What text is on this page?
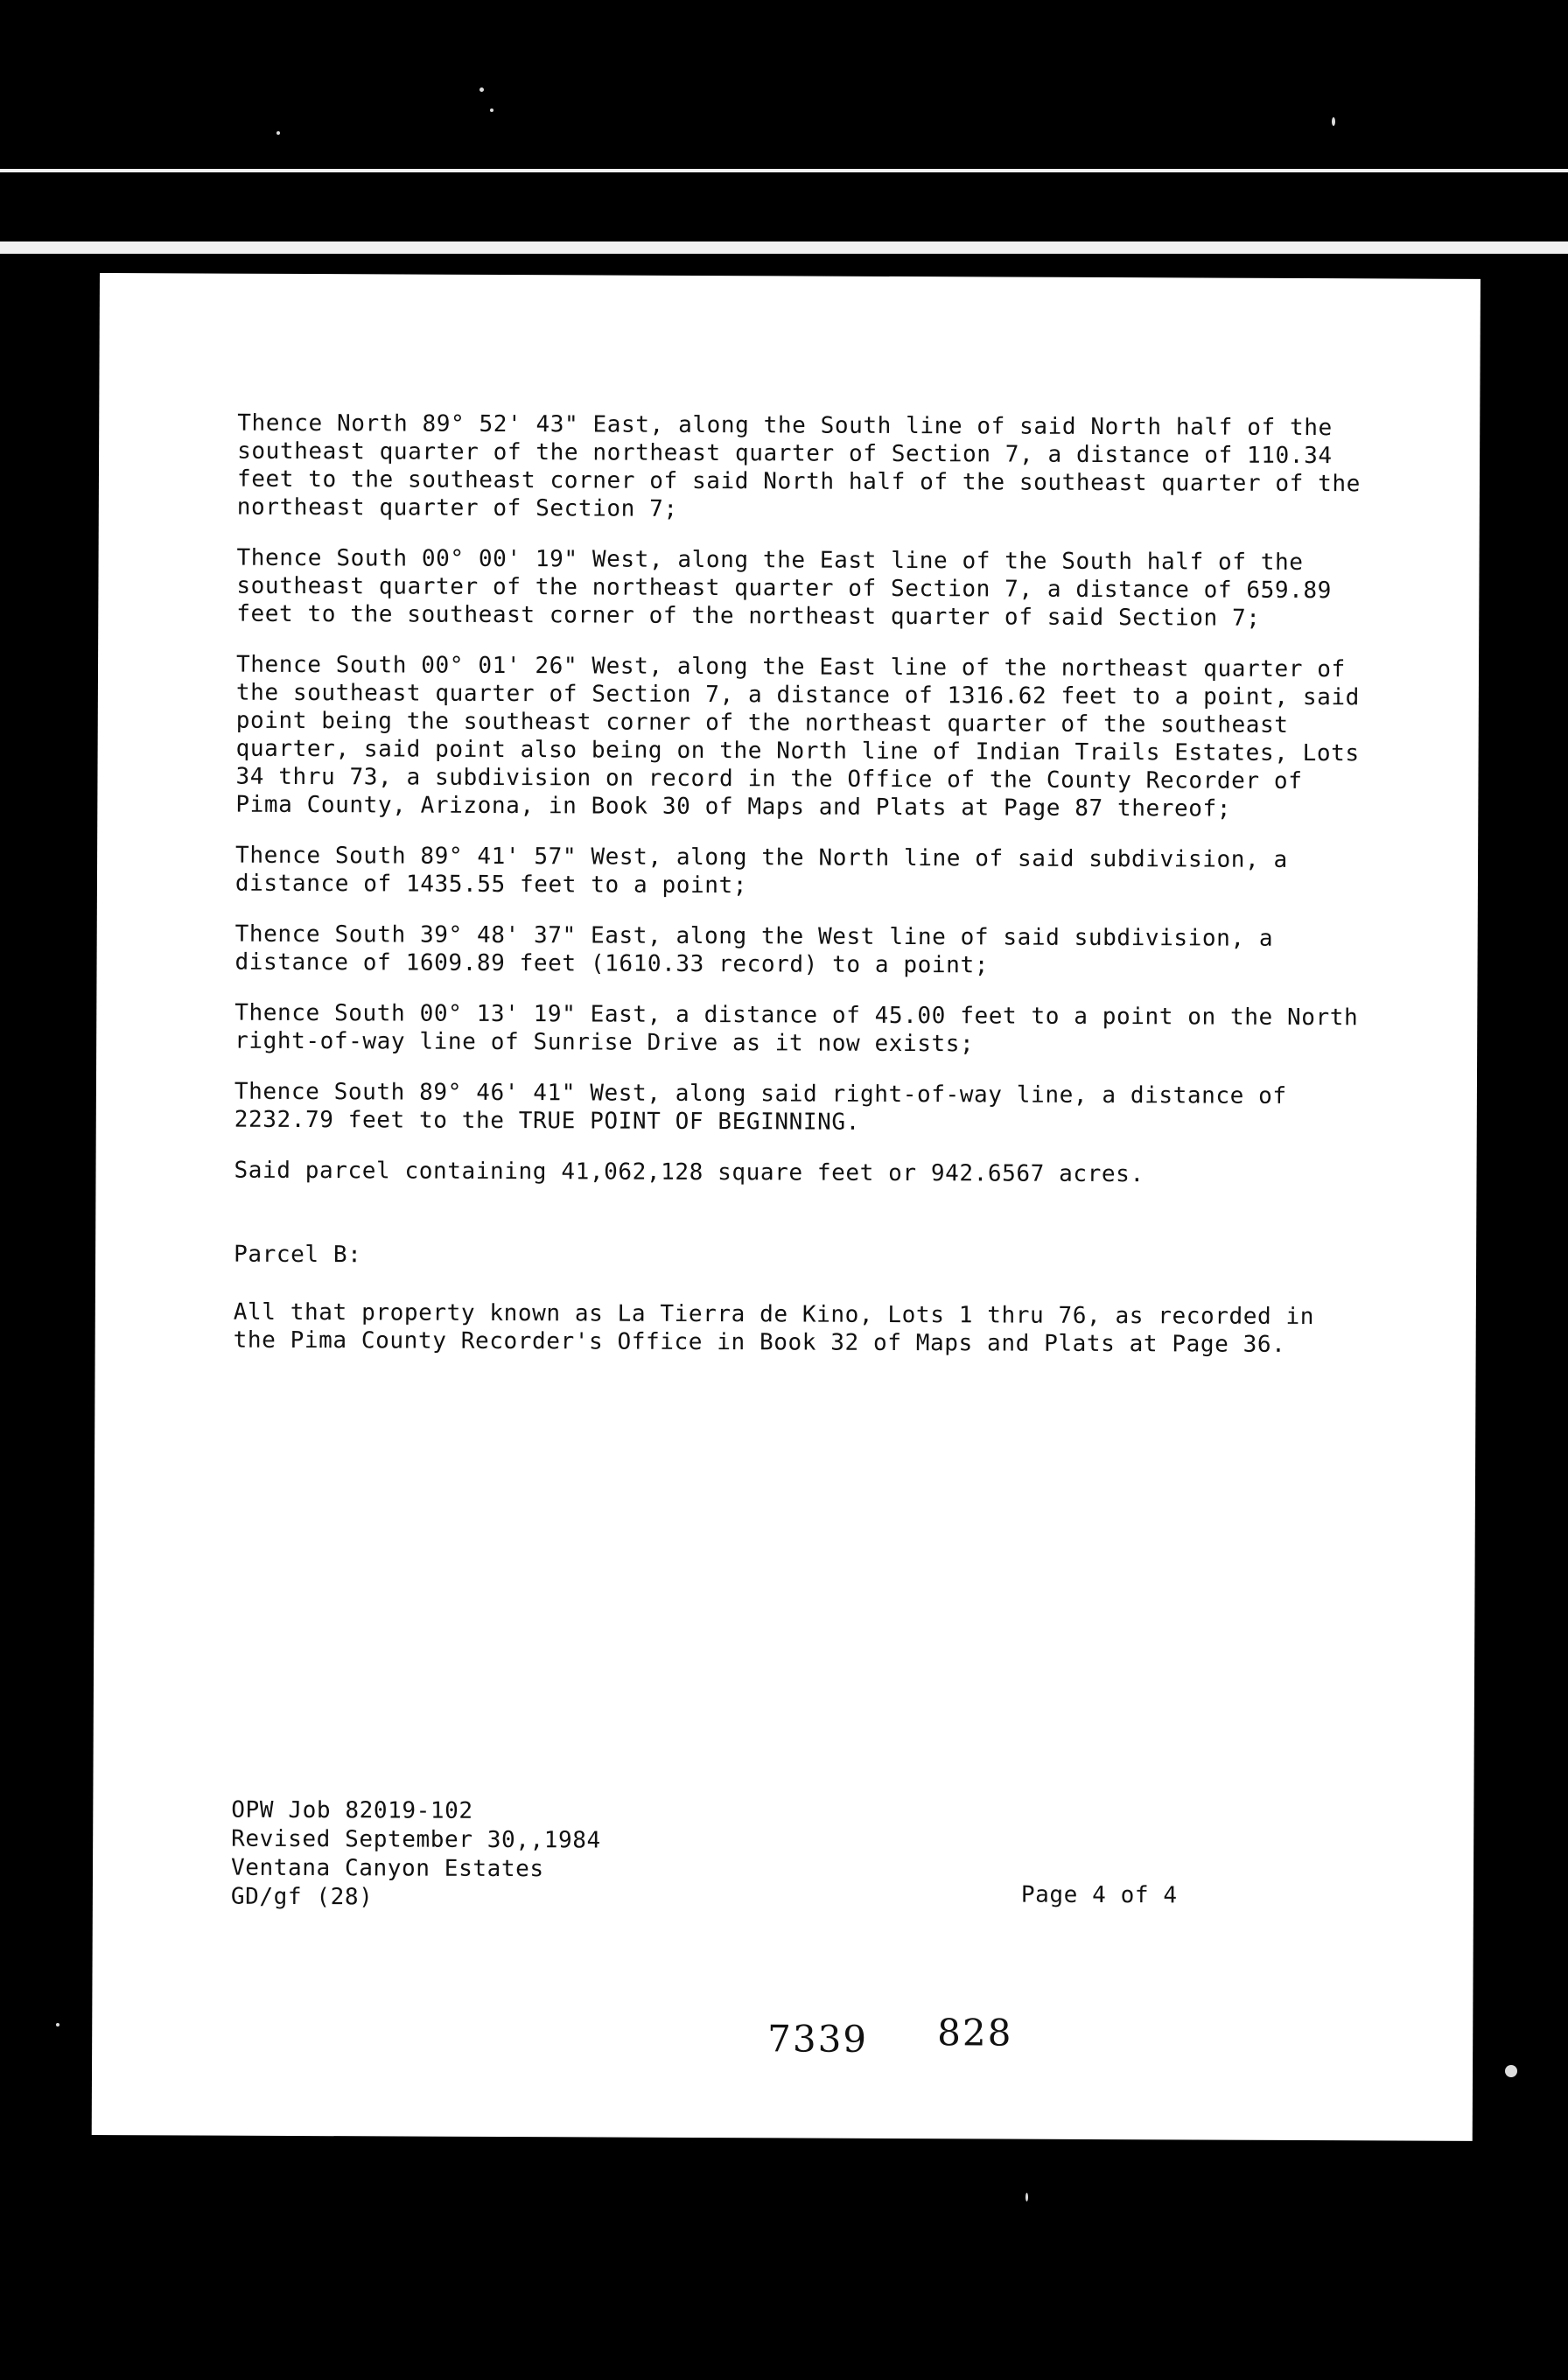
Thence North 89° 52' 43" East, along the South line of said North half of the
southeast quarter of the northeast quarter of Section 7, a distance of 110.34
feet to the southeast corner of said North half of the southeast quarter of the
northeast quarter of Section 7;

Thence South 00° 00' 19" West, along the East line of the South half of the
southeast quarter of the northeast quarter of Section 7, a distance of 659.89
feet to the southeast corner of the northeast quarter of said Section 7;

Thence South 00° 01' 26" West, along the East line of the northeast quarter of
the southeast quarter of Section 7, a distance of 1316.62 feet to a point, said
point being the southeast corner of the northeast quarter of the southeast
quarter, said point also being on the North line of Indian Trails Estates, Lots
34 thru 73, a subdivision on record in the Office of the County Recorder of
Pima County, Arizona, in Book 30 of Maps and Plats at Page 87 thereof;

Thence South 89° 41' 57" West, along the North line of said subdivision, a
distance of 1435.55 feet to a point;

Thence South 39° 48' 37" East, along the West line of said subdivision, a
distance of 1609.89 feet (1610.33 record) to a point;

Thence South 00° 13' 19" East, a distance of 45.00 feet to a point on the North
right-of-way line of Sunrise Drive as it now exists;

Thence South 89° 46' 41" West, along said right-of-way line, a distance of
2232.79 feet to the TRUE POINT OF BEGINNING.

Said parcel containing 41,062,128 square feet or 942.6567 acres.

Parcel B:

All that property known as La Tierra de Kino, Lots 1 thru 76, as recorded in
the Pima County Recorder's Office in Book 32 of Maps and Plats at Page 36.

OPW Job 82019-102
Revised September 30,,1984
Ventana Canyon Estates
GD/gf (28)	Page 4 of 4
7339 828
